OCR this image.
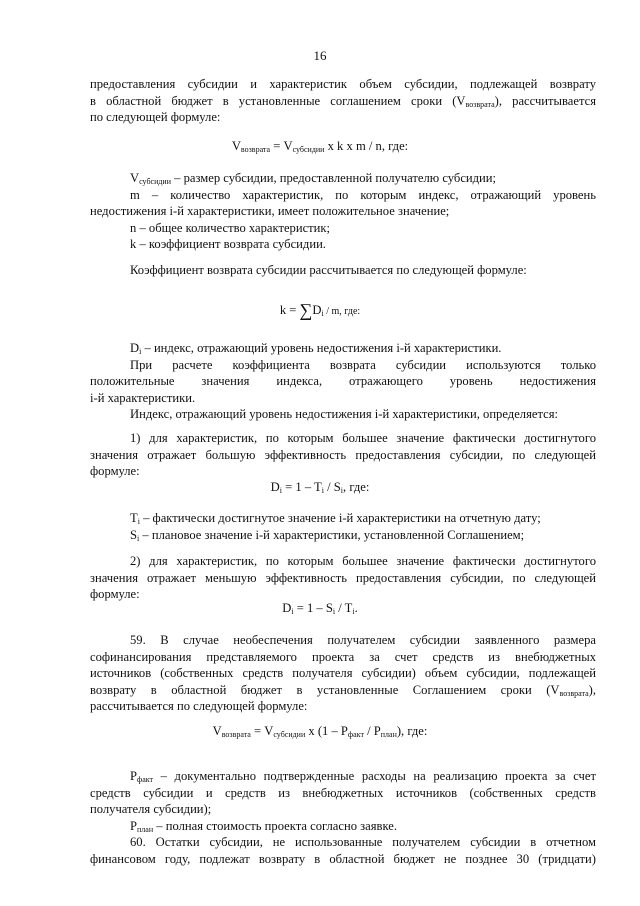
16
предоставления субсидии и характеристик объем субсидии, подлежащей возврату
в областной бюджет в установленные соглашением сроки $(V_{возврата})$, рассчитывается
по следующей формуле:
$V_{возврата} = V_{субсидии}$ x k x m / n, где:
$V_{субсидии}$ – размер субсидии, предоставленной получателю субсидии;
m – количество характеристик, по которым индекс, отражающий уровень
недостижения i-й характеристики, имеет положительное значение;
n – общее количество характеристик;
k – коэффициент возврата субсидии.
Коэффициент возврата субсидии рассчитывается по следующей формуле:
$k = \sum D_i / m$, где:
$D_i$ – индекс, отражающий уровень недостижения i-й характеристики.
При расчете коэффициента возврата субсидии используются только
положительные значения индекса, отражающего уровень недостижения
i-й характеристики.
Индекс, отражающий уровень недостижения i-й характеристики, определяется:
1) для характеристик, по которым большее значение фактически достигнутого
значения отражает большую эффективность предоставления субсидии, по следующей
формуле:
$D_i = 1 - T_i / S_i$, где:
$T_i$ – фактически достигнутое значение i-й характеристики на отчетную дату;
$S_i$ – плановое значение i-й характеристики, установленной Соглашением;
2) для характеристик, по которым большее значение фактически достигнутого
значения отражает меньшую эффективность предоставления субсидии, по следующей
формуле:
$D_i = 1 - S_i / T_i$.
59. В случае необеспечения получателем субсидии заявленного размера
софинансирования представляемого проекта за счет средств из внебюджетных
источников (собственных средств получателя субсидии) объем субсидии, подлежащей
возврату в областной бюджет в установленные Соглашением сроки $(V_{возврата})$,
рассчитывается по следующей формуле:
$V_{возврата} = V_{субсидии}$ x $(1 - P_{факт} / P_{план})$, где:
$P_{факт}$ – документально подтвержденные расходы на реализацию проекта за счет
средств субсидии и средств из внебюджетных источников (собственных средств
получателя субсидии);
$P_{план}$ – полная стоимость проекта согласно заявке.
60. Остатки субсидии, не использованные получателем субсидии в отчетном
финансовом году, подлежат возврату в областной бюджет не позднее 30 (тридцати)
